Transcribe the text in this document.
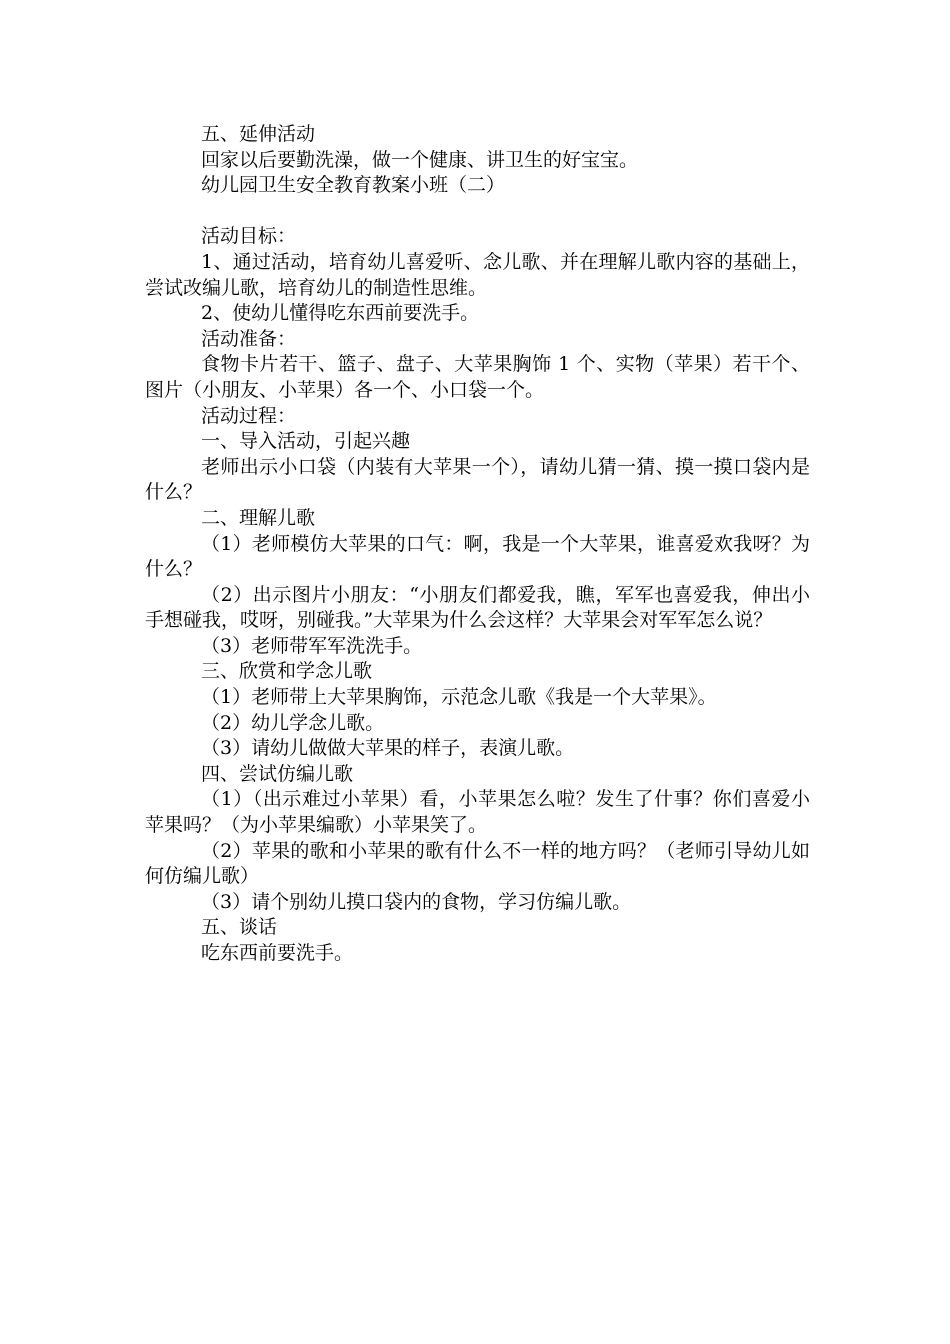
五、延伸活动

回家以后要勤洗澡，做一个健康、讲卫生的好宝宝。

幼儿园卫生安全教育教案小班（二）

活动目标：

1、通过活动，培育幼儿喜爱听、念儿歌、并在理解儿歌内容的基础上，尝试改编儿歌，培育幼儿的制造性思维。

2、使幼儿懂得吃东西前要洗手。

活动准备：

食物卡片若干、篮子、盘子、大苹果胸饰 1 个、实物（苹果）若干个、图片（小朋友、小苹果）各一个、小口袋一个。

活动过程：

一、导入活动，引起兴趣

老师出示小口袋（内装有大苹果一个），请幼儿猜一猜、摸一摸口袋内是什么？

二、理解儿歌

（1）老师模仿大苹果的口气：啊，我是一个大苹果，谁喜爱欢我呀？为什么？

（2）出示图片小朋友：“小朋友们都爱我，瞧，军军也喜爱我，伸出小手想碰我，哎呀，别碰我。”大苹果为什么会这样？大苹果会对军军怎么说？

（3）老师带军军洗洗手。

三、欣赏和学念儿歌

（1）老师带上大苹果胸饰，示范念儿歌《我是一个大苹果》。

（2）幼儿学念儿歌。

（3）请幼儿做做大苹果的样子，表演儿歌。

四、尝试仿编儿歌

（1）（出示难过小苹果）看，小苹果怎么啦？发生了什事？你们喜爱小苹果吗？（为小苹果编歌）小苹果笑了。

（2）苹果的歌和小苹果的歌有什么不一样的地方吗？（老师引导幼儿如何仿编儿歌）

（3）请个别幼儿摸口袋内的食物，学习仿编儿歌。

五、谈话

吃东西前要洗手。
